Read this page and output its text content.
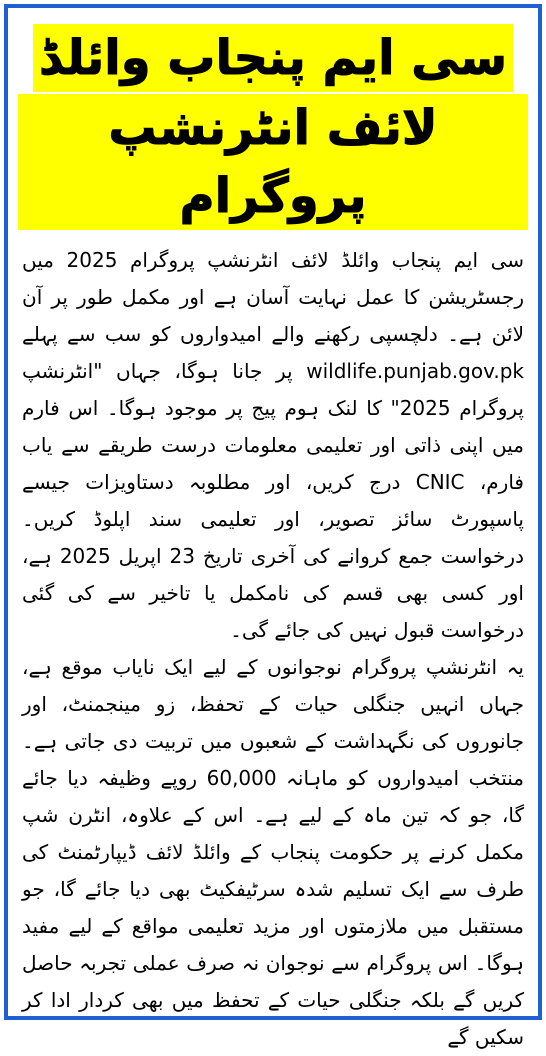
سی ایم پنجاب وائلڈ
لائف انٹرنشپ پروگرام

سی ایم پنجاب وائلڈ لائف انٹرنشپ پروگرام 2025 میں رجسٹریشن کا عمل نہایت آسان ہے اور مکمل طور پر آن لائن ہے۔ دلچسپی رکھنے والے امیدواروں کو سب سے پہلے wildlife.punjab.gov.pk پر جانا ہوگا، جہاں "انٹرنشپ پروگرام 2025" کا لنک ہوم پیج پر موجود ہوگا۔ اس فارم میں اپنی ذاتی اور تعلیمی معلومات درست طریقے سے یاب فارم، CNIC درج کریں، اور مطلوبہ دستاویزات جیسے پاسپورٹ سائز تصویر، اور تعلیمی سند اپلوڈ کریں۔ درخواست جمع کروانے کی آخری تاریخ 23 اپریل 2025 ہے، اور کسی بھی قسم کی نامکمل یا تاخیر سے کی گئی درخواست قبول نہیں کی جائے گی۔

یہ انٹرنشپ پروگرام نوجوانوں کے لیے ایک نایاب موقع ہے، جہاں انہیں جنگلی حیات کے تحفظ، زو مینجمنٹ، اور جانوروں کی نگہداشت کے شعبوں میں تربیت دی جاتی ہے۔ منتخب امیدواروں کو ماہانہ 60,000 روپے وظیفہ دیا جائے گا، جو کہ تین ماہ کے لیے ہے۔ اس کے علاوہ، انٹرن شپ مکمل کرنے پر حکومت پنجاب کے وائلڈ لائف ڈیپارٹمنٹ کی طرف سے ایک تسلیم شدہ سرٹیفکیٹ بھی دیا جائے گا، جو مستقبل میں ملازمتوں اور مزید تعلیمی مواقع کے لیے مفید ہوگا۔ اس پروگرام سے نوجوان نہ صرف عملی تجربہ حاصل کریں گے بلکہ جنگلی حیات کے تحفظ میں بھی کردار ادا کر سکیں گے
